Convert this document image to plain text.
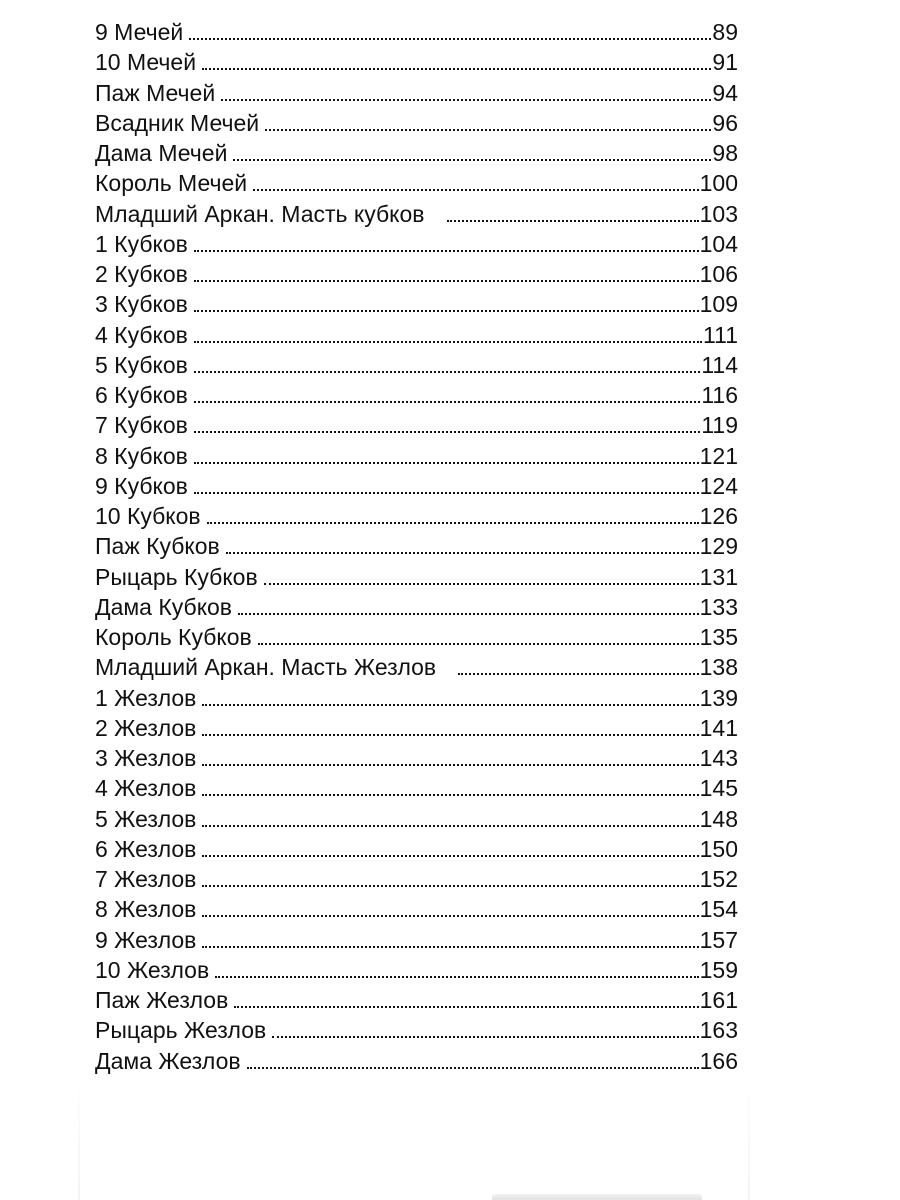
9 Мечей	89
10 Мечей	91
Паж Мечей	94
Всадник Мечей	96
Дама Мечей	98
Король Мечей	100
Младший Аркан. Масть кубков	103
1 Кубков	104
2 Кубков	106
3 Кубков	109
4 Кубков	111
5 Кубков	114
6 Кубков	116
7 Кубков	119
8 Кубков	121
9 Кубков	124
10 Кубков	126
Паж Кубков	129
Рыцарь Кубков	131
Дама Кубков	133
Король Кубков	135
Младший Аркан. Масть Жезлов	138
1 Жезлов	139
2 Жезлов	141
3 Жезлов	143
4 Жезлов	145
5 Жезлов	148
6 Жезлов	150
7 Жезлов	152
8 Жезлов	154
9 Жезлов	157
10 Жезлов	159
Паж Жезлов	161
Рыцарь Жезлов	163
Дама Жезлов	166
